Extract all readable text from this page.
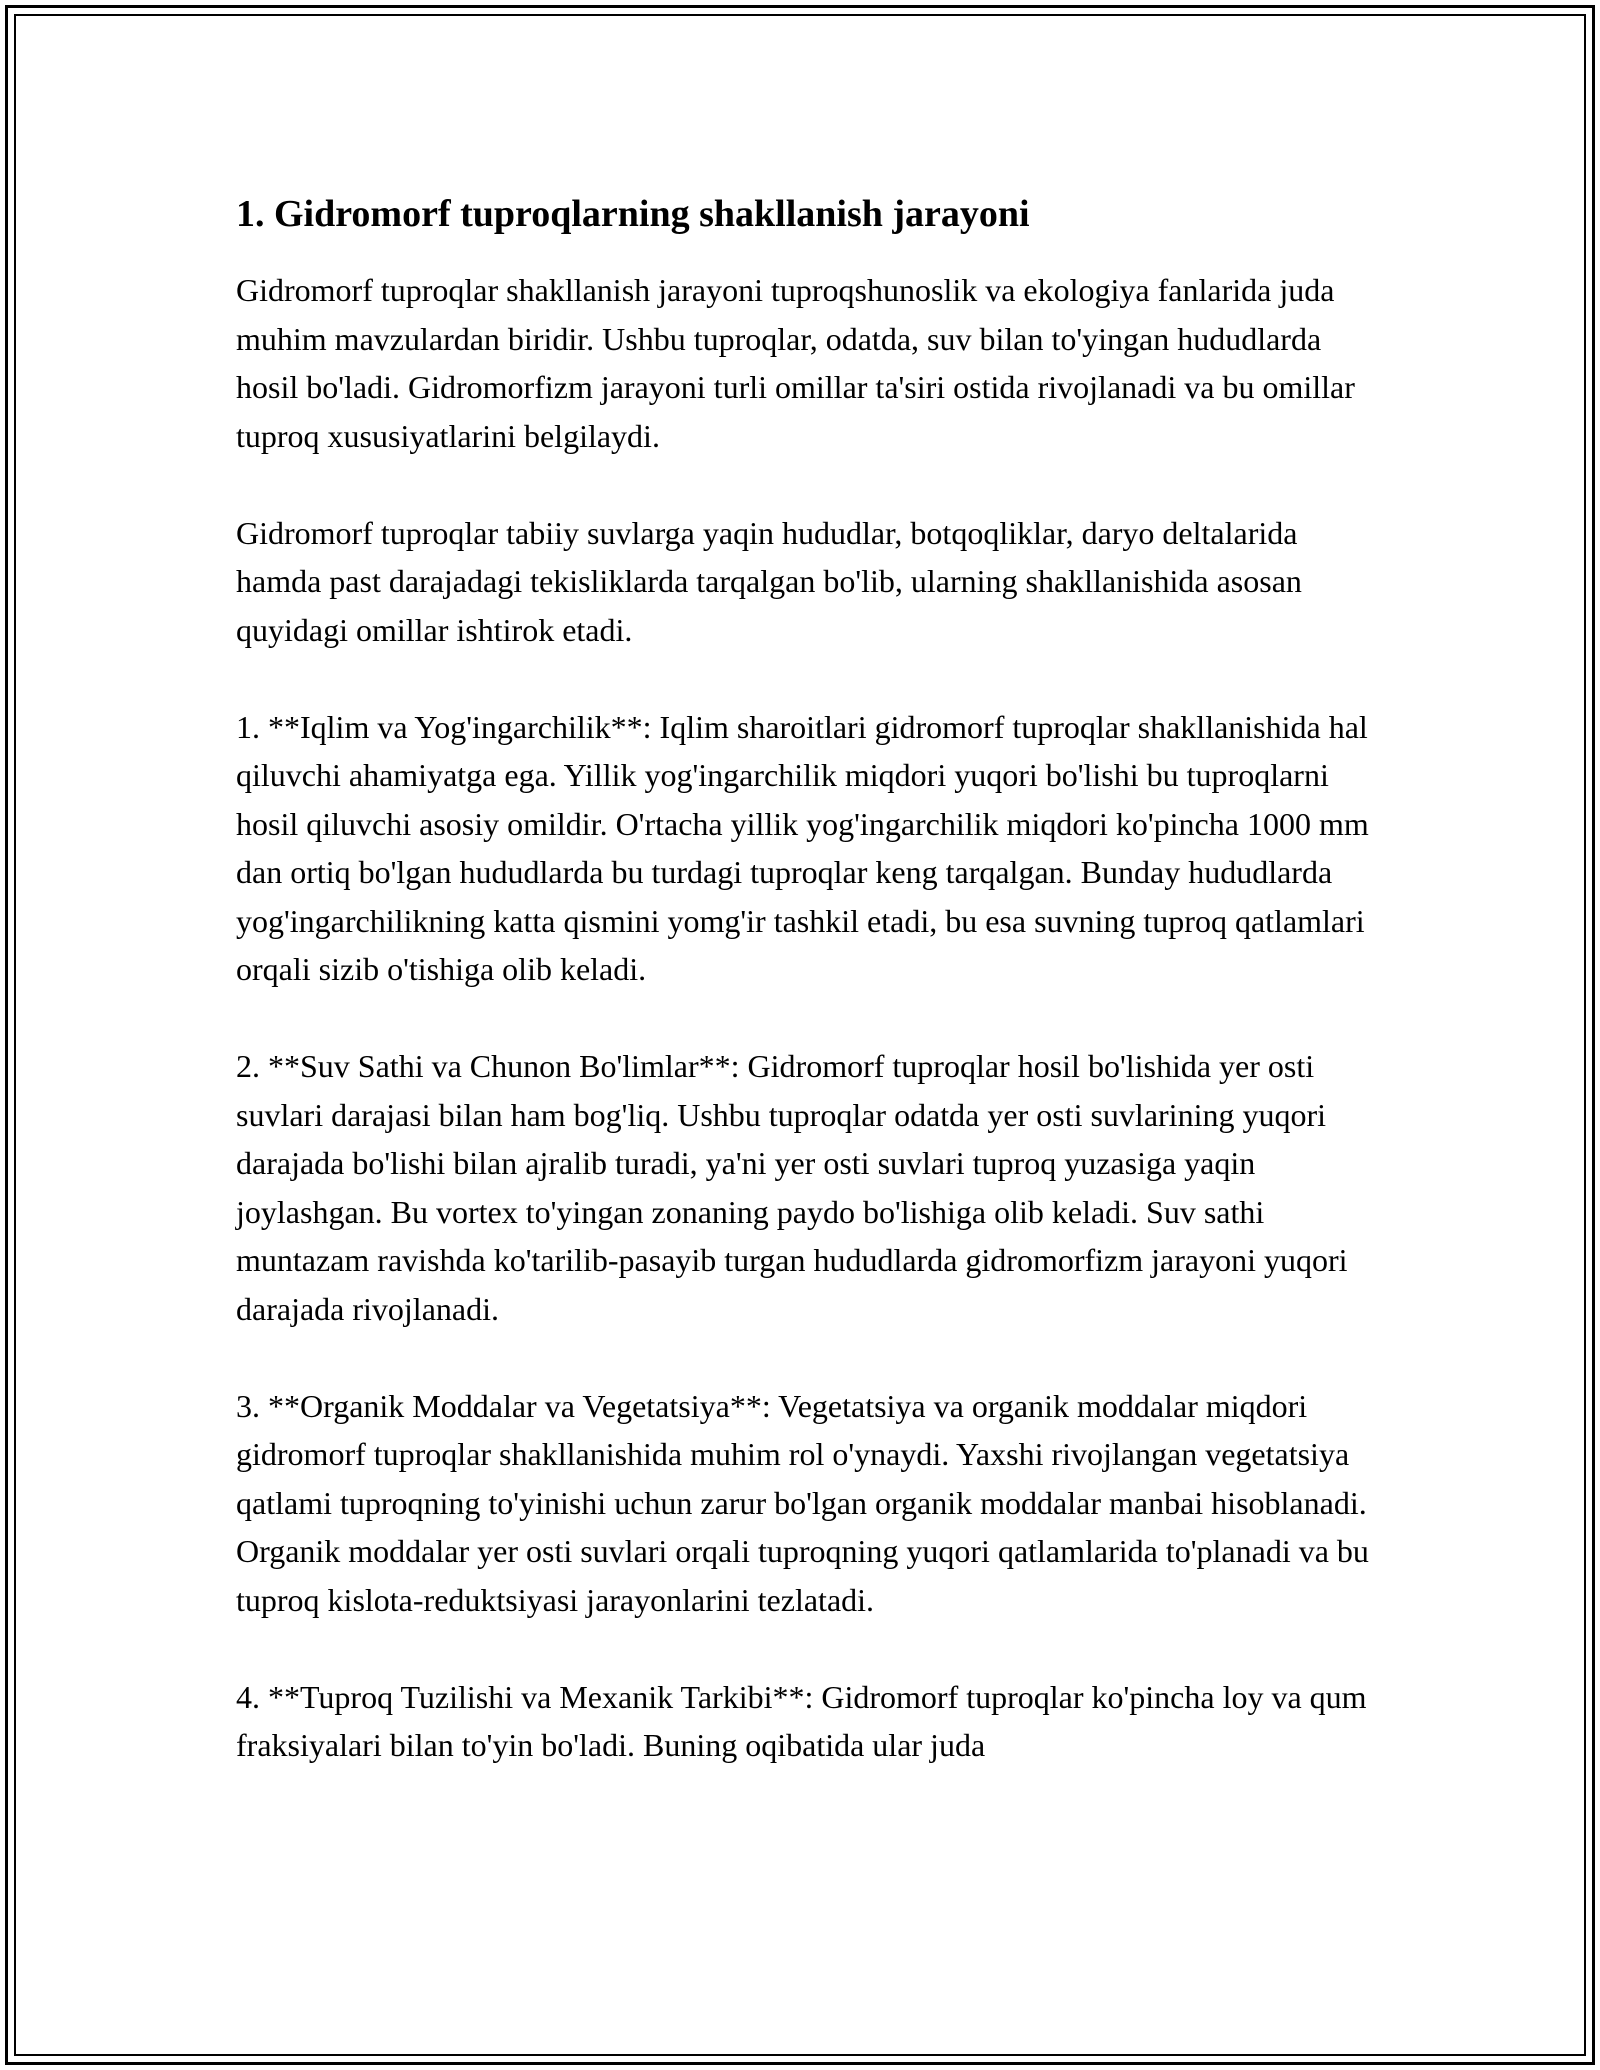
1. Gidromorf tuproqlarning shakllanish jarayoni

Gidromorf tuproqlar shakllanish jarayoni tuproqshunoslik va ekologiya fanlarida juda muhim mavzulardan biridir. Ushbu tuproqlar, odatda, suv bilan to'yingan hududlarda hosil bo'ladi. Gidromorfizm jarayoni turli omillar ta'siri ostida rivojlanadi va bu omillar tuproq xususiyatlarini belgilaydi.

Gidromorf tuproqlar tabiiy suvlarga yaqin hududlar, botqoqliklar, daryo deltalarida hamda past darajadagi tekisliklarda tarqalgan bo'lib, ularning shakllanishida asosan quyidagi omillar ishtirok etadi.

1. **Iqlim va Yog'ingarchilik**: Iqlim sharoitlari gidromorf tuproqlar shakllanishida hal qiluvchi ahamiyatga ega. Yillik yog'ingarchilik miqdori yuqori bo'lishi bu tuproqlarni hosil qiluvchi asosiy omildir. O'rtacha yillik yog'ingarchilik miqdori ko'pincha 1000 mm dan ortiq bo'lgan hududlarda bu turdagi tuproqlar keng tarqalgan. Bunday hududlarda yog'ingarchilikning katta qismini yomg'ir tashkil etadi, bu esa suvning tuproq qatlamlari orqali sizib o'tishiga olib keladi.

2. **Suv Sathi va Chunon Bo'limlar**: Gidromorf tuproqlar hosil bo'lishida yer osti suvlari darajasi bilan ham bog'liq. Ushbu tuproqlar odatda yer osti suvlarining yuqori darajada bo'lishi bilan ajralib turadi, ya'ni yer osti suvlari tuproq yuzasiga yaqin joylashgan. Bu vortex to'yingan zonaning paydo bo'lishiga olib keladi. Suv sathi muntazam ravishda ko'tarilib-pasayib turgan hududlarda gidromorfizm jarayoni yuqori darajada rivojlanadi.

3. **Organik Moddalar va Vegetatsiya**: Vegetatsiya va organik moddalar miqdori gidromorf tuproqlar shakllanishida muhim rol o'ynaydi. Yaxshi rivojlangan vegetatsiya qatlami tuproqning to'yinishi uchun zarur bo'lgan organik moddalar manbai hisoblanadi. Organik moddalar yer osti suvlari orqali tuproqning yuqori qatlamlarida to'planadi va bu tuproq kislota-reduktsiyasi jarayonlarini tezlatadi.

4. **Tuproq Tuzilishi va Mexanik Tarkibi**: Gidromorf tuproqlar ko'pincha loy va qum fraksiyalari bilan to'yin bo'ladi. Buning oqibatida ular juda
